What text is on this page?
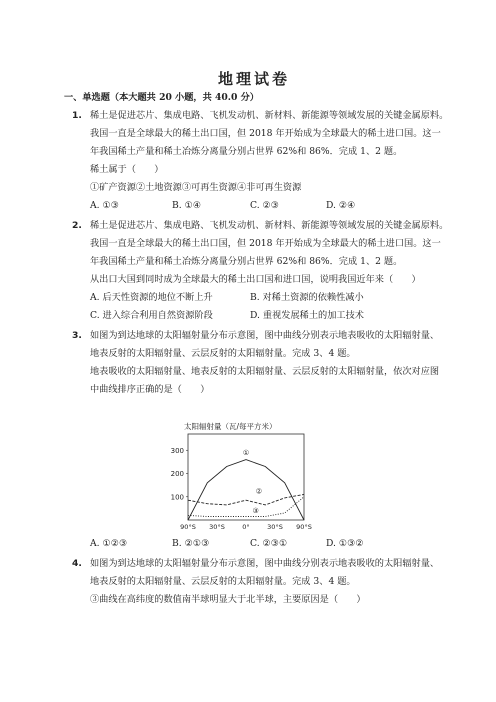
地理试卷
一、单选题（本大题共 20 小题，共 40.0 分）
1. 稀土是促进芯片、集成电路、飞机发动机、新材料、新能源等领域发展的关键金属原料。
我国一直是全球最大的稀土出口国，但 2018 年开始成为全球最大的稀土进口国。这一
年我国稀土产量和稀土冶炼分离量分别占世界 62%和 86%．完成 1、2 题。
稀土属于（　　）
①矿产资源②土地资源③可再生资源④非可再生资源
A. ①③	B. ①④	C. ②③	D. ②④
2. 稀土是促进芯片、集成电路、飞机发动机、新材料、新能源等领域发展的关键金属原料。
我国一直是全球最大的稀土出口国，但 2018 年开始成为全球最大的稀土进口国。这一
年我国稀土产量和稀土冶炼分离量分别占世界 62%和 86%．完成 1、2 题。
从出口大国到同时成为全球最大的稀土出口国和进口国，说明我国近年来（　　）
A. 后天性资源的地位不断上升	B. 对稀土资源的依赖性减小
C. 进入综合利用自然资源阶段	D. 重视发展稀土的加工技术
3. 如图为到达地球的太阳辐射量分布示意图，图中曲线分别表示地表吸收的太阳辐射量、
地表反射的太阳辐射量、云层反射的太阳辐射量。完成 3、4 题。
地表吸收的太阳辐射量、地表反射的太阳辐射量、云层反射的太阳辐射量，依次对应图
中曲线排序正确的是（　　）
太阳辐射量（瓦/每平方米）
100
200
300
90°S 30°S	0°	30°S 90°S
①
②
③
A. ①②③	B. ②①③	C. ②③①	D. ①③②
4. 如图为到达地球的太阳辐射量分布示意图，图中曲线分别表示地表吸收的太阳辐射量、
地表反射的太阳辐射量、云层反射的太阳辐射量。完成 3、4 题。
③曲线在高纬度的数值南半球明显大于北半球，主要原因是（　　）
